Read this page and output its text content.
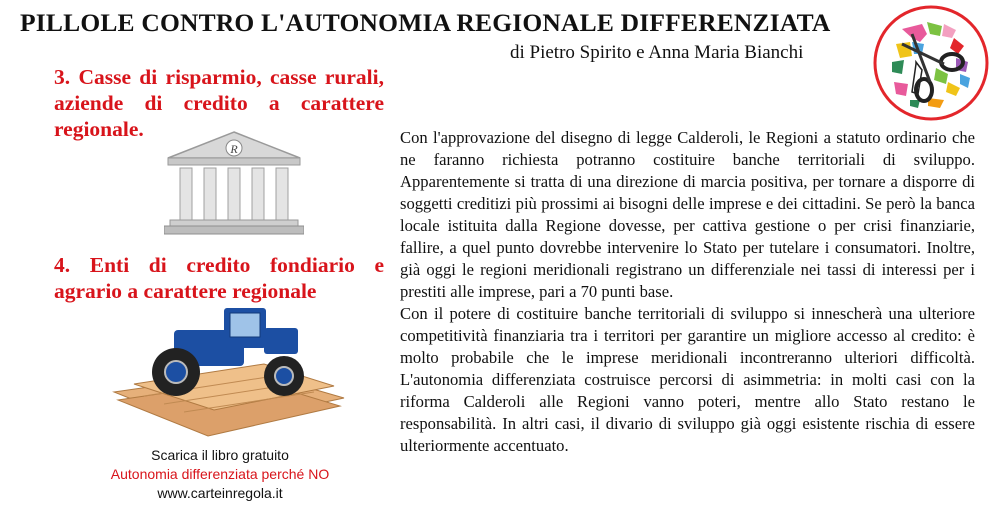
PILLOLE CONTRO L'AUTONOMIA REGIONALE DIFFERENZIATA
di Pietro Spirito e Anna Maria Bianchi
3. Casse di risparmio, casse rurali, aziende di credito a carattere regionale.
R
4. Enti di credito fondiario e agrario a carattere regionale

Con l'approvazione del disegno di legge Calderoli, le Regioni a statuto ordinario che ne faranno richiesta potranno costituire banche territoriali di sviluppo. Apparentemente si tratta di una direzione di marcia positiva, per tornare a disporre di soggetti creditizi più prossimi ai bisogni delle imprese e dei cittadini. Se però la banca locale istituita dalla Regione dovesse, per cattiva gestione o per crisi finanziarie, fallire, a quel punto dovrebbe intervenire lo Stato per tutelare i consumatori. Inoltre, già oggi le regioni meridionali registrano un differenziale nei tassi di interessi per i prestiti alle imprese, pari a 70 punti base.

Con il potere di costituire banche territoriali di sviluppo si innescherà una ulteriore competitività finanziaria tra i territori per garantire un migliore accesso al credito: è molto probabile che le imprese meridionali incontreranno ulteriori difficoltà. L'autonomia differenziata costruisce percorsi di asimmetria: in molti casi con la riforma Calderoli alle Regioni vanno poteri, mentre allo Stato restano le responsabilità. In altri casi, il divario di sviluppo già oggi esistente rischia di essere ulteriormente accentuato.

Scarica il libro gratuito
Autonomia differenziata perché NO
www.carteinregola.it
